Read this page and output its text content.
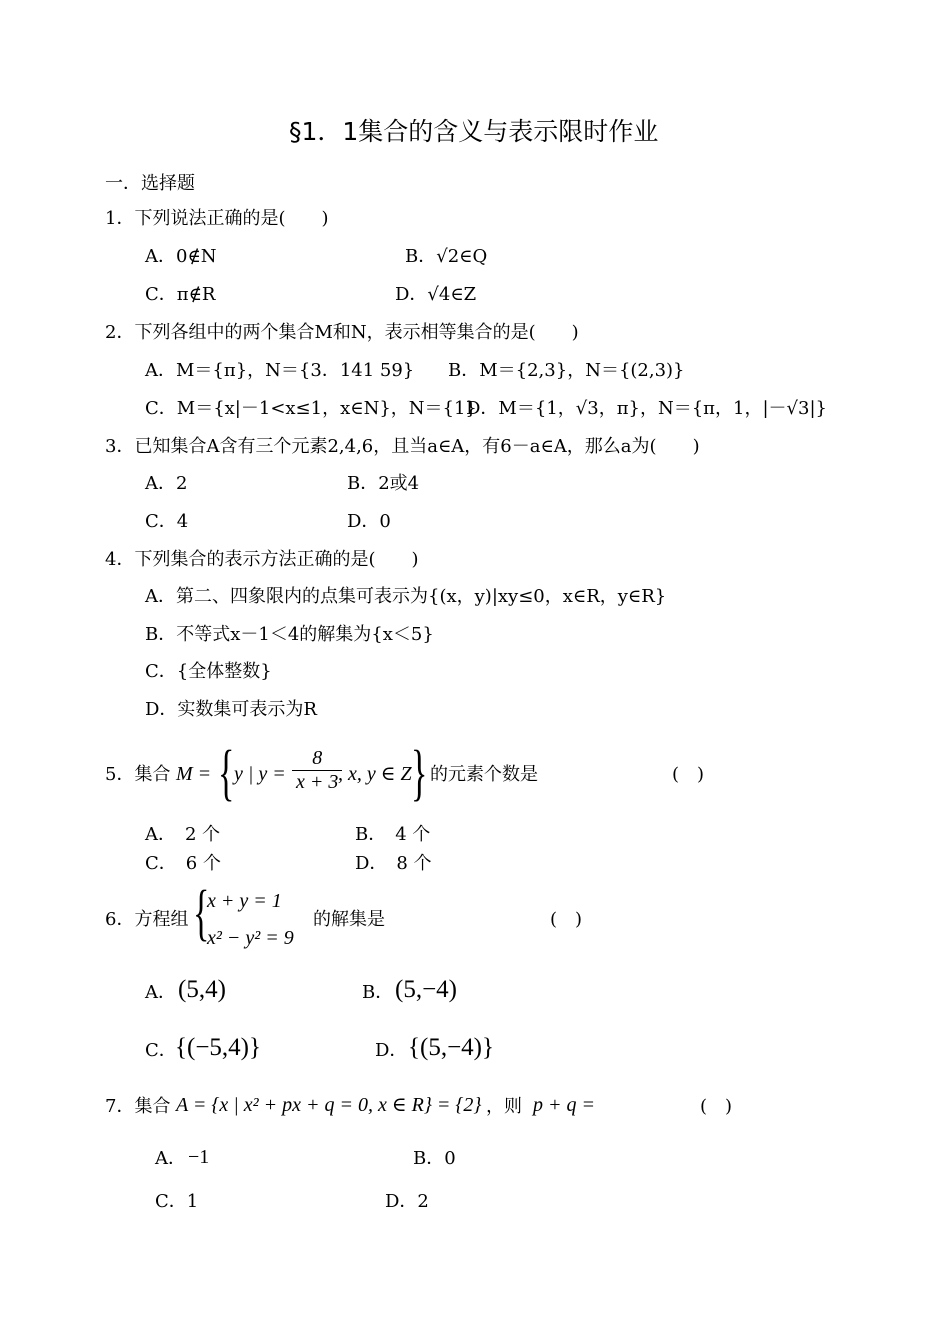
§1．1集合的含义与表示限时作业
一．选择题
1．下列说法正确的是(　　)
A．0∉N	B．√2∈Q
C．π∉R	D．√4∈Z
2．下列各组中的两个集合M和N，表示相等集合的是(　　)
A．M＝{π}，N＝{3．141 59} B．M＝{2,3}，N＝{(2,3)}
C．M＝{x|－1<x≤1，x∈N}，N＝{1}
D．M＝{1，√3，π}，N＝{π，1，|－√3|}
3．已知集合A含有三个元素2,4,6，且当a∈A，有6－a∈A，那么a为(　　)
A．2	B．2或4
C．4	D．0
4．下列集合的表示方法正确的是(　　)
A．第二、四象限内的点集可表示为{(x，y)|xy≤0，x∈R，y∈R}
B．不等式x－1＜4的解集为{x＜5}
C．{全体整数}
D．实数集可表示为R
5．集合 M = { y | $y = \frac{8}{x + 3}$
, x, y ∈ Z } 的元素个数是	(　)
A．　2 个	B．　4 个
C．　6 个	D．　8 个
6．方程组 {
x + y = 1
x² − y² = 9
的解集是	(　)
A． (5,4)	B． (5,−4)
C．
{(−5,4)}	D． {(5,−4)}
7．集合 A = {x | x² + px + q = 0, x ∈ R} = {2} ，则 p + q =	(　)
A． −1	B．0
C．1	D．2
